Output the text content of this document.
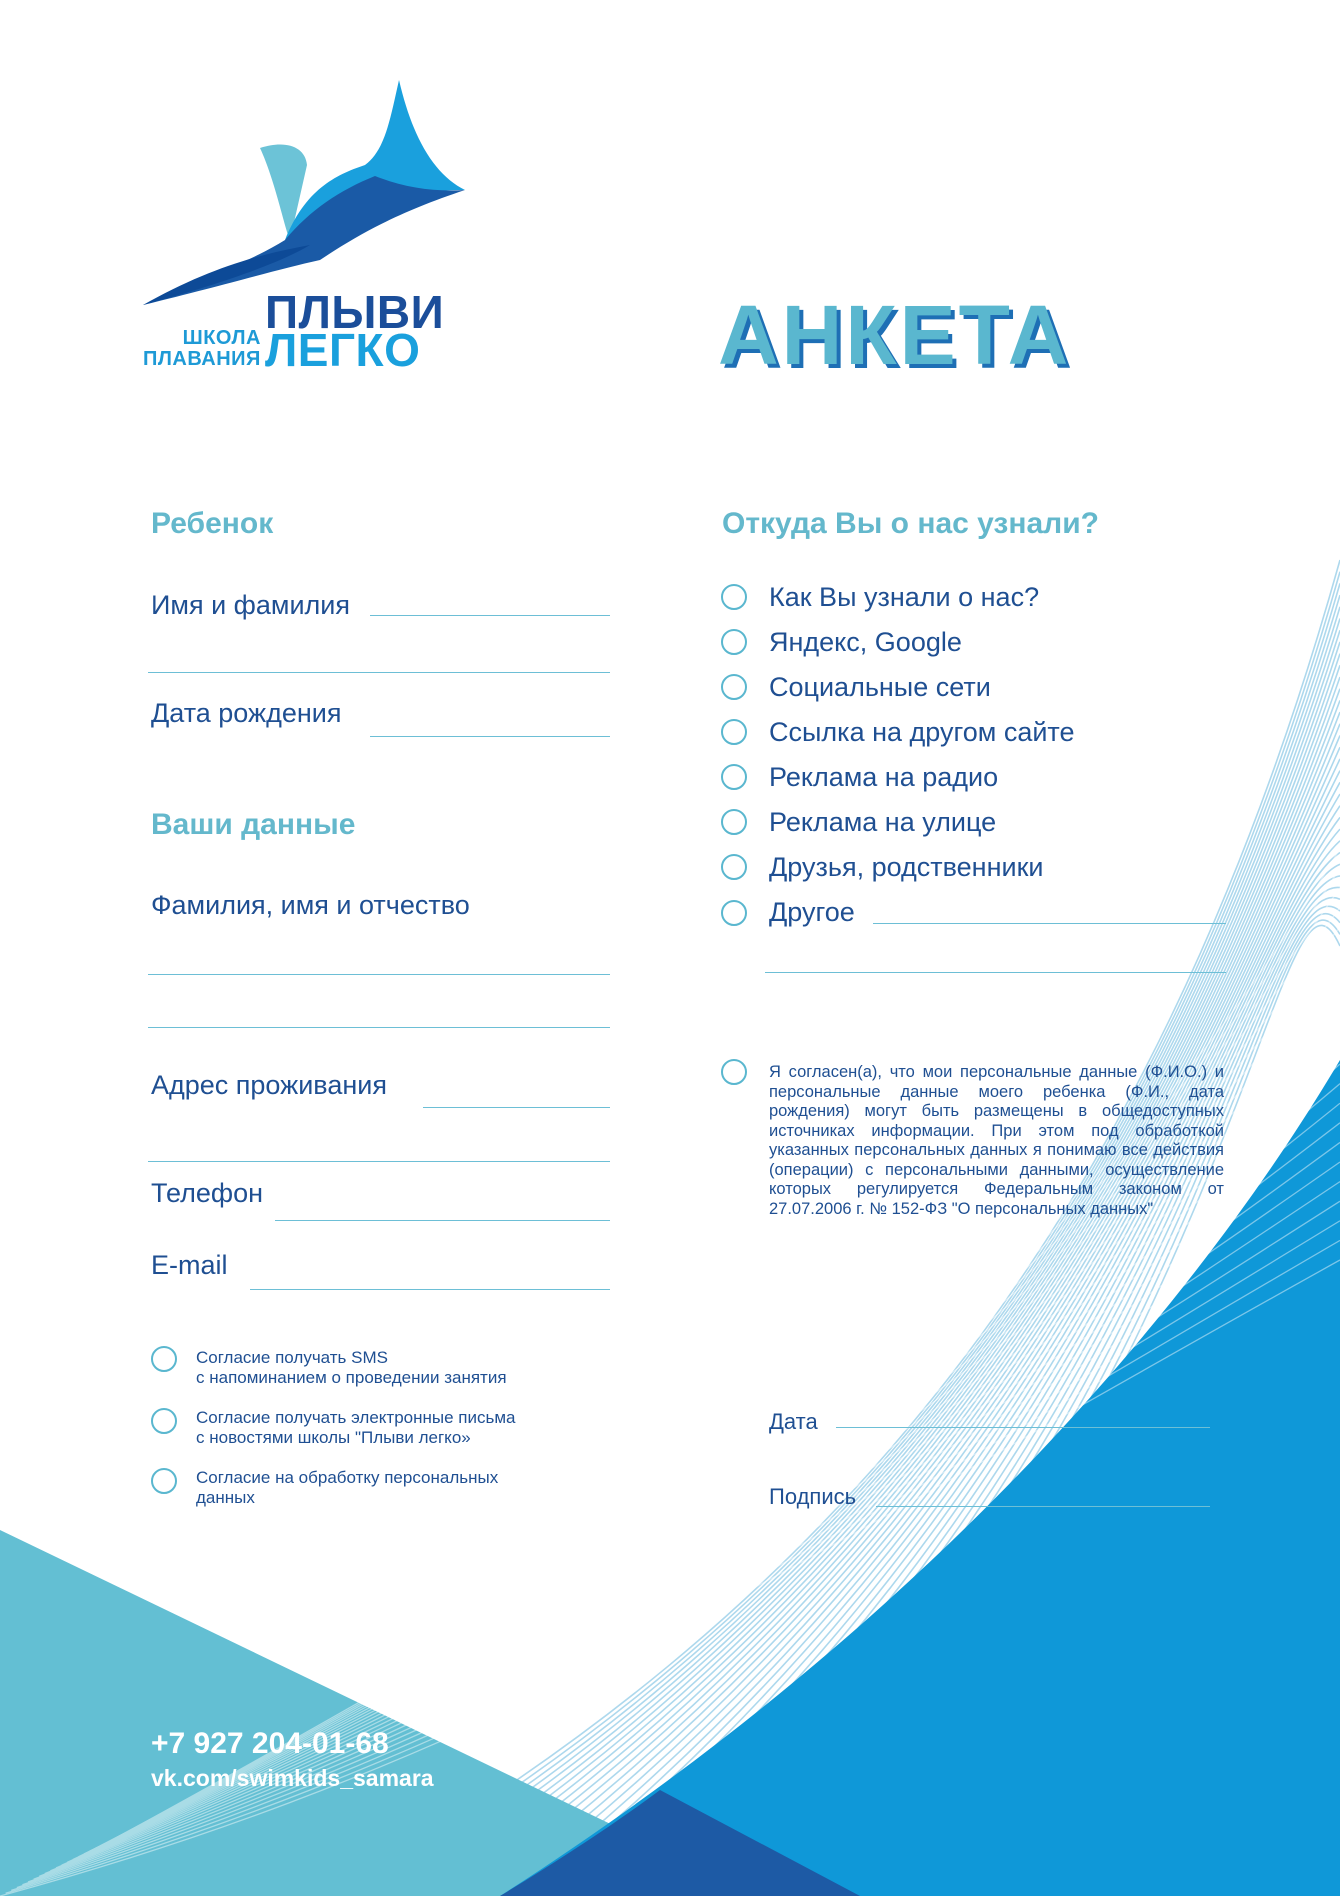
ШКОЛА
ПЛАВАНИЯ
ПЛЫВИ
ЛЕГКО	АНКЕТА
Ребенок
Имя и фамилия
Дата рождения
Ваши данные
Фамилия, имя и отчество
Адрес проживания
Телефон
E-mail
Согласие получать SMS
с напоминанием о проведении занятия
Согласие получать электронные письма
с новостями школы "Плыви легко»
Согласие на обработку персональных
данных
Откуда Вы о нас узнали?
Как Вы узнали о нас?
Яндекс, Google
Социальные сети
Ссылка на другом сайте
Реклама на радио
Реклама на улице
Друзья, родственники
Другое
Я согласен(а), что мои персональные данные (Ф.И.О.) и персональные данные моего ребенка (Ф.И., дата рождения) могут быть размещены в общедоступных источниках информации. При этом под обработкой указанных персональных данных я понимаю все действия (операции) с персональными данными, осуществление которых регулируется Федеральным законом от 27.07.2006 г. № 152-ФЗ "О персональных данных"
Дата
Подпись
+7 927 204-01-68
vk.com/swimkids_samara
